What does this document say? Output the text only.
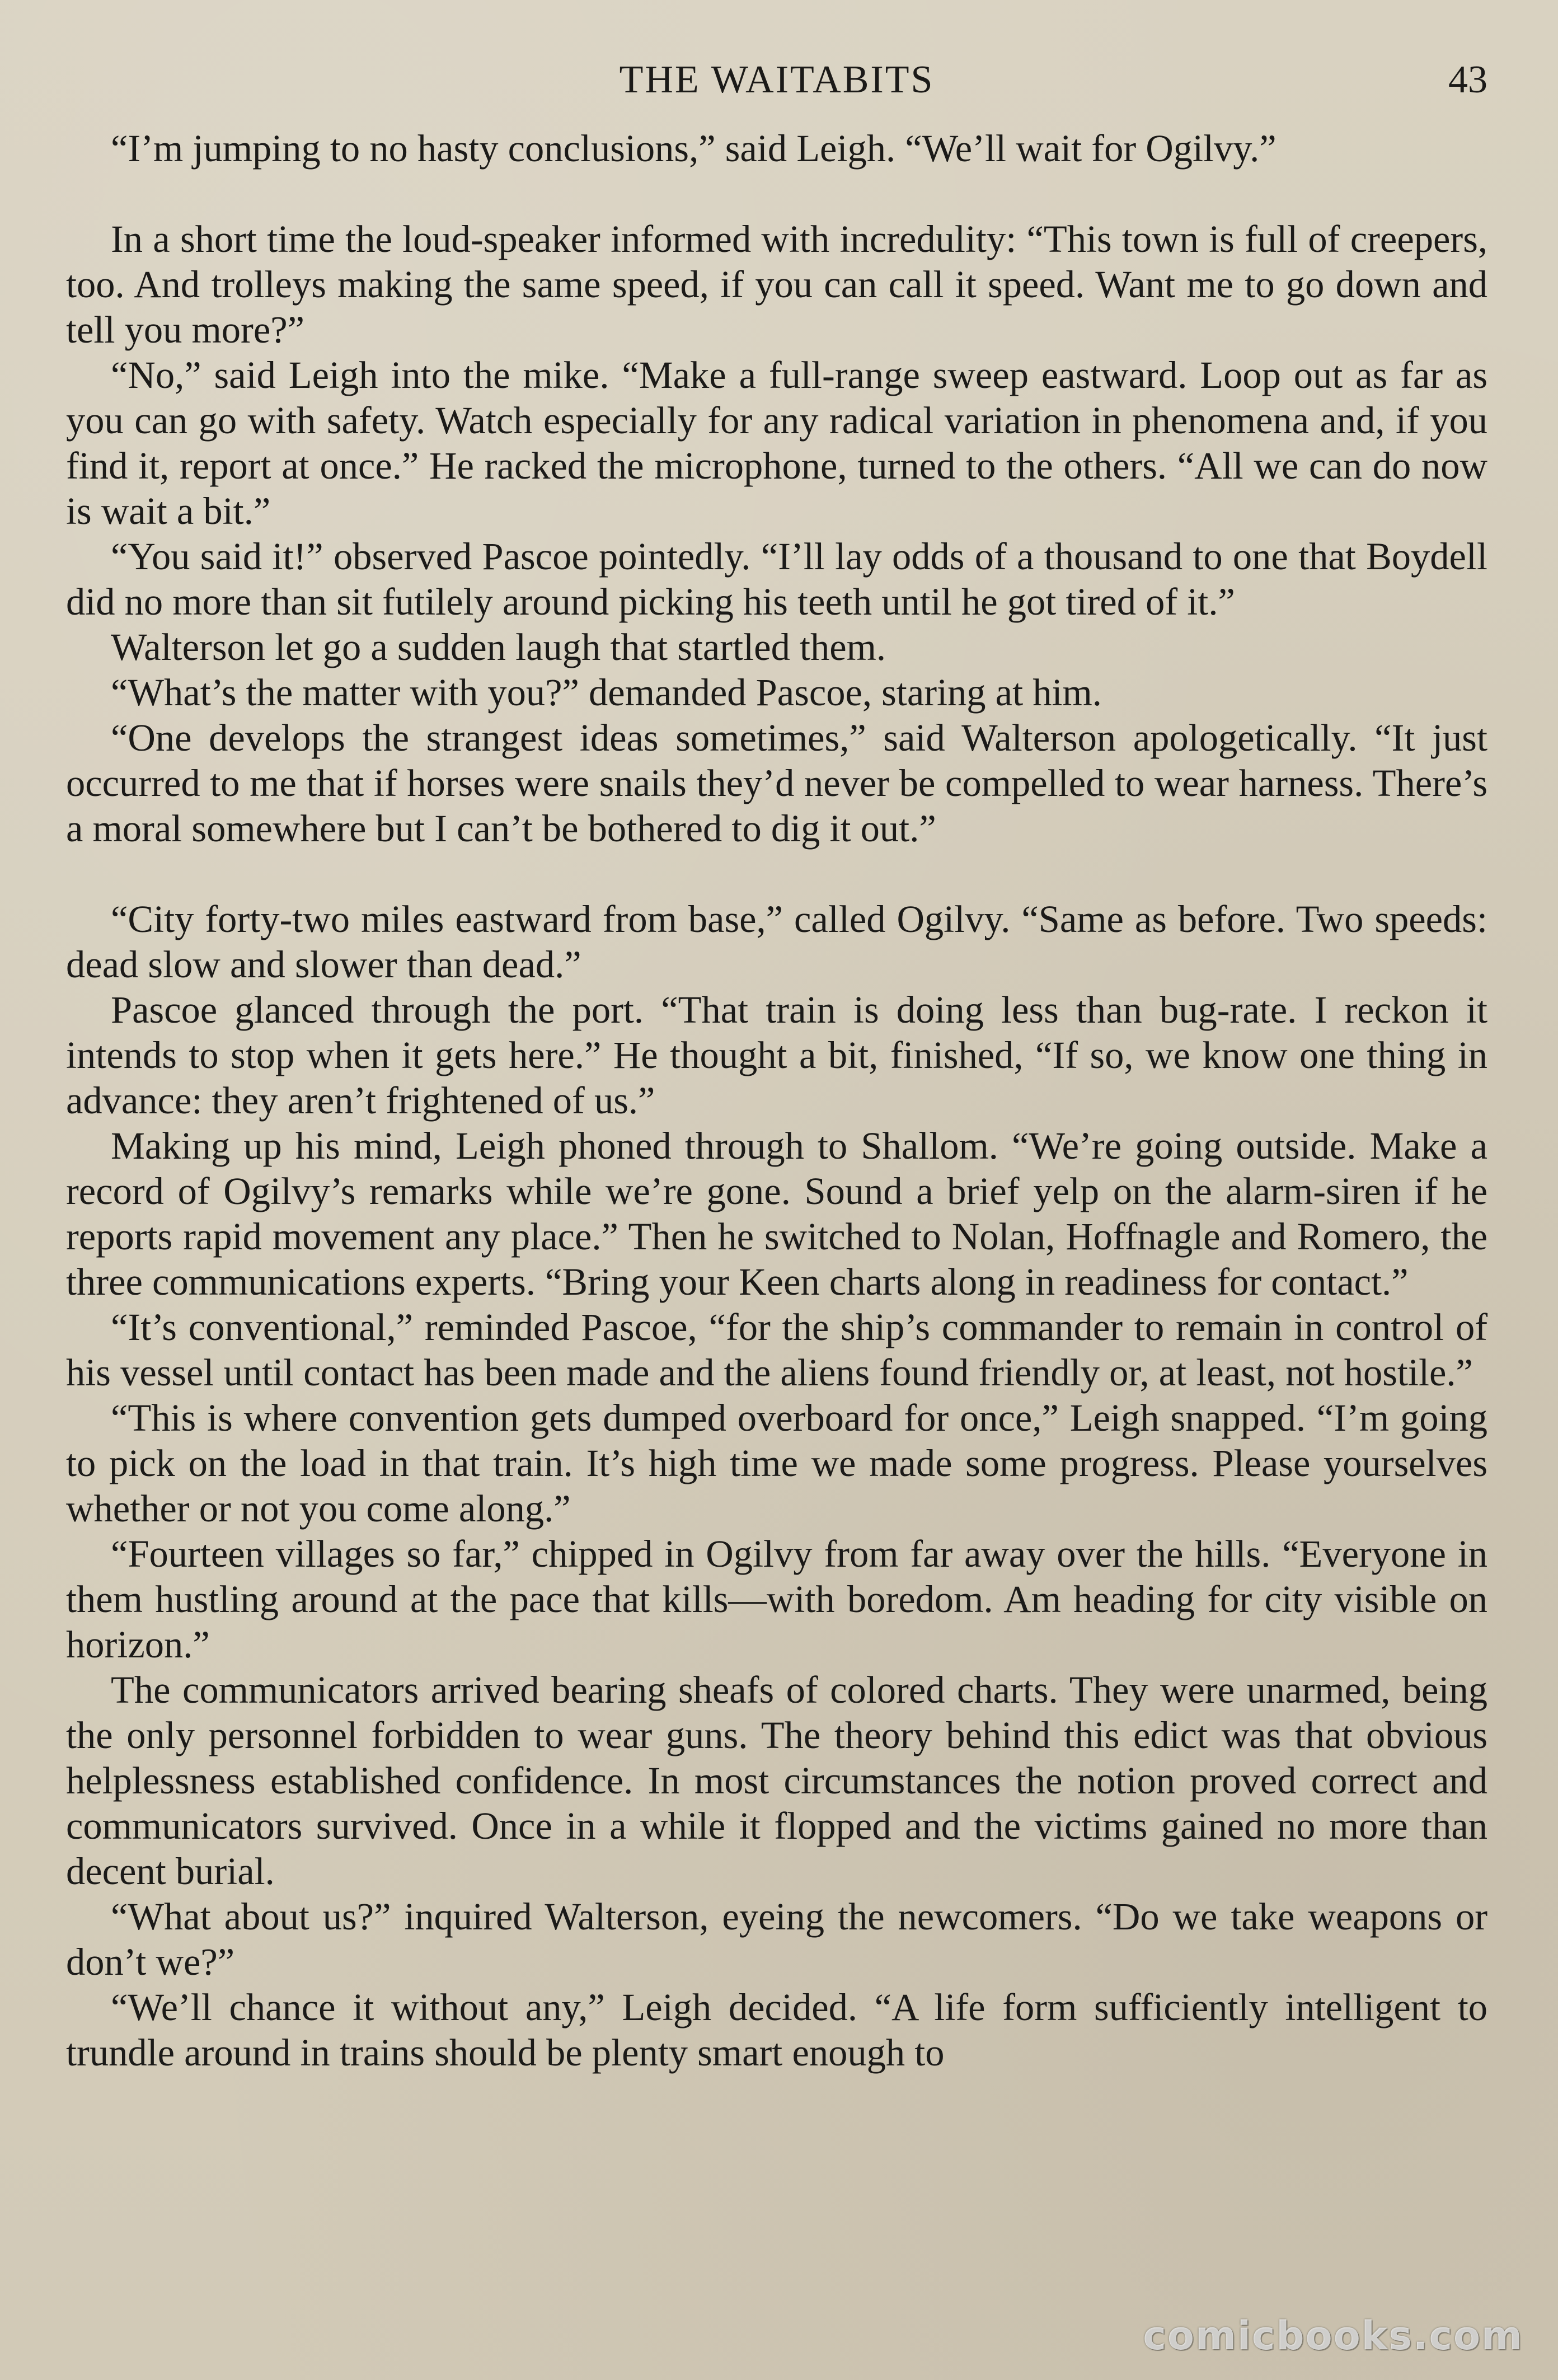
THE WAITABITS	43

“I’m jumping to no hasty conclusions,” said Leigh. “We’ll wait for Ogilvy.”

In a short time the loud-speaker informed with incredulity: “This town is full of creepers, too. And trolleys making the same speed, if you can call it speed. Want me to go down and tell you more?”

“No,” said Leigh into the mike. “Make a full-range sweep eastward. Loop out as far as you can go with safety. Watch especially for any radical variation in phenomena and, if you find it, report at once.” He racked the microphone, turned to the others. “All we can do now is wait a bit.”

“You said it!” observed Pascoe pointedly. “I’ll lay odds of a thousand to one that Boydell did no more than sit futilely around picking his teeth until he got tired of it.”

Walterson let go a sudden laugh that startled them.

“What’s the matter with you?” demanded Pascoe, staring at him.

“One develops the strangest ideas sometimes,” said Walterson apologetically. “It just occurred to me that if horses were snails they’d never be compelled to wear harness. There’s a moral somewhere but I can’t be bothered to dig it out.”

“City forty-two miles eastward from base,” called Ogilvy. “Same as before. Two speeds: dead slow and slower than dead.”

Pascoe glanced through the port. “That train is doing less than bug-rate. I reckon it intends to stop when it gets here.” He thought a bit, finished, “If so, we know one thing in advance: they aren’t frightened of us.”

Making up his mind, Leigh phoned through to Shallom. “We’re going outside. Make a record of Ogilvy’s remarks while we’re gone. Sound a brief yelp on the alarm-siren if he reports rapid movement any place.” Then he switched to Nolan, Hoffnagle and Romero, the three communications experts. “Bring your Keen charts along in readiness for contact.”

“It’s conventional,” reminded Pascoe, “for the ship’s commander to remain in control of his vessel until contact has been made and the aliens found friendly or, at least, not hostile.”

“This is where convention gets dumped overboard for once,” Leigh snapped. “I’m going to pick on the load in that train. It’s high time we made some progress. Please yourselves whether or not you come along.”

“Fourteen villages so far,” chipped in Ogilvy from far away over the hills. “Everyone in them hustling around at the pace that kills—with boredom. Am heading for city visible on horizon.”

The communicators arrived bearing sheafs of colored charts. They were unarmed, being the only personnel forbidden to wear guns. The theory behind this edict was that obvious helplessness established confidence. In most circumstances the notion proved correct and communicators survived. Once in a while it flopped and the victims gained no more than decent burial.

“What about us?” inquired Walterson, eyeing the newcomers. “Do we take weapons or don’t we?”

“We’ll chance it without any,” Leigh decided. “A life form sufficiently intelligent to trundle around in trains should be plenty smart enough to

comicbooks.com
